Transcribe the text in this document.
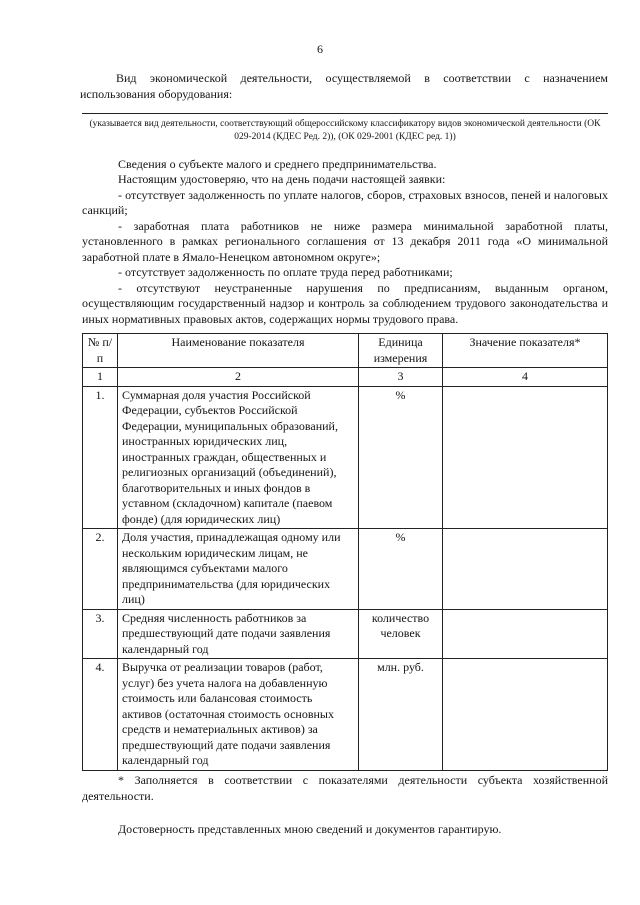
6

Вид экономической деятельности, осуществляемой в соответствии с назначением использования оборудования:

(указывается вид деятельности, соответствующий общероссийскому классификатору видов экономической деятельности (ОК 029-2014 (КДЕС Ред. 2)), (ОК 029-2001 (КДЕС ред. 1))

Сведения о субъекте малого и среднего предпринимательства.

Настоящим удостоверяю, что на день подачи настоящей заявки:

- отсутствует задолженность по уплате налогов, сборов, страховых взносов, пеней и налоговых санкций;

- заработная плата работников не ниже размера минимальной заработной платы, установленного в рамках регионального соглашения от 13 декабря 2011 года «О минимальной заработной плате в Ямало-Ненецком автономном округе»;

- отсутствует задолженность по оплате труда перед работниками;

- отсутствуют неустраненные нарушения по предписаниям, выданным органом, осуществляющим государственный надзор и контроль за соблюдением трудового законодательства и иных нормативных правовых актов, содержащих нормы трудового права.

№ п/п	Наименование показателя	Единица измерения	Значение показателя*
1	2	3	4
1.	Суммарная доля участия Российской Федерации, субъектов Российской Федерации, муниципальных образований, иностранных юридических лиц, иностранных граждан, общественных и религиозных организаций (объединений), благотворительных и иных фондов в уставном (складочном) капитале (паевом фонде) (для юридических лиц)	%	
2.	Доля участия, принадлежащая одному или нескольким юридическим лицам, не являющимся субъектами малого предпринимательства (для юридических лиц)	%	
3.	Средняя численность работников за предшествующий дате подачи заявления календарный год	количество человек	
4.	Выручка от реализации товаров (работ, услуг) без учета налога на добавленную стоимость или балансовая стоимость активов (остаточная стоимость основных средств и нематериальных активов) за предшествующий дате подачи заявления календарный год	млн. руб.	

* Заполняется в соответствии с показателями деятельности субъекта хозяйственной деятельности.

Достоверность представленных мною сведений и документов гарантирую.
